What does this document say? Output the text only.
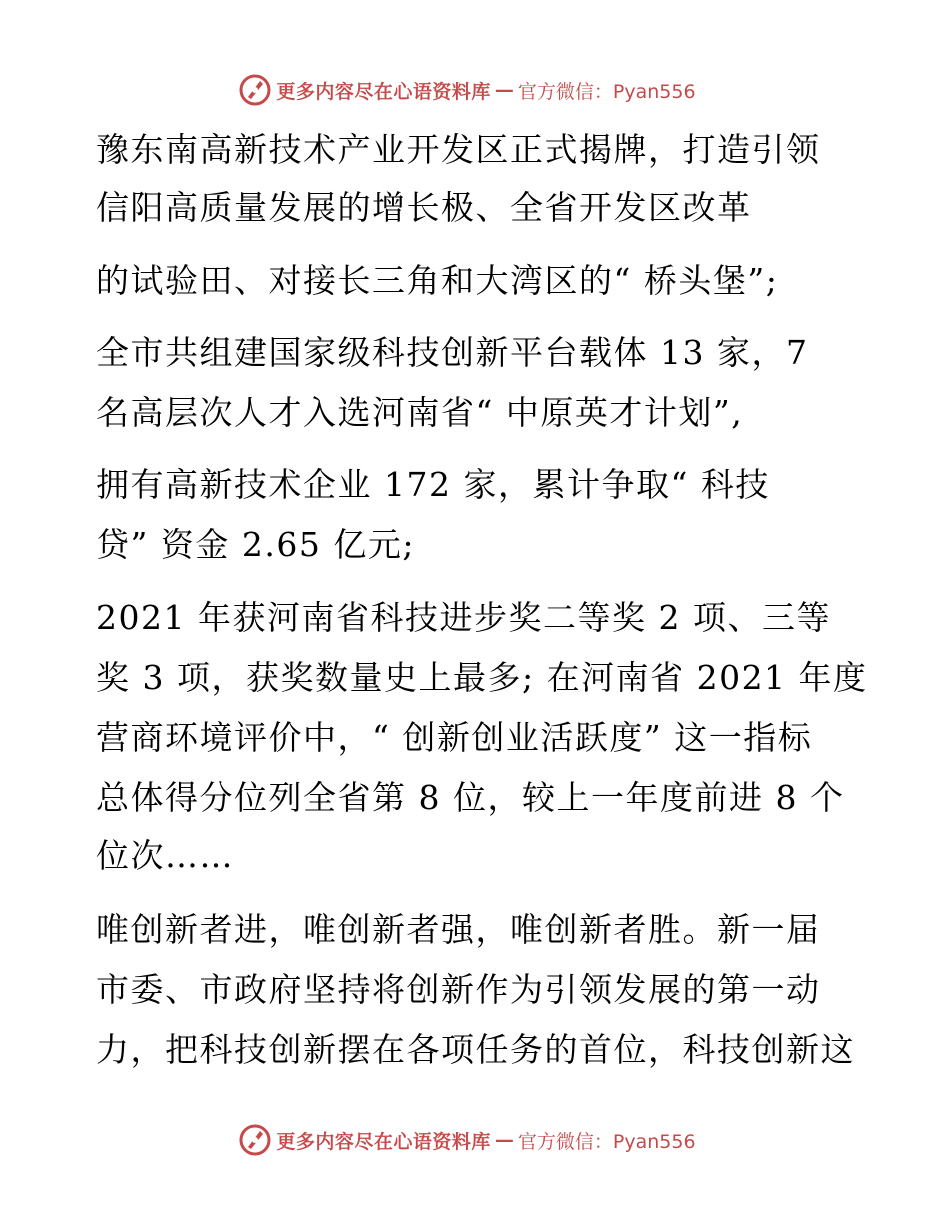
更多内容尽在心语资料库 — 官方微信：Pyan556
豫东南高新技术产业开发区正式揭牌，打造引领
信阳高质量发展的增长极、全省开发区改革
的试验田、对接长三角和大湾区的“ 桥头堡”;
全市共组建国家级科技创新平台载体 13 家，7
名高层次人才入选河南省“ 中原英才计划”,
拥有高新技术企业 172 家，累计争取“ 科技
贷” 资金 2.65 亿元;
2021 年获河南省科技进步奖二等奖 2 项、三等
奖 3 项，获奖数量史上最多; 在河南省 2021 年度
营商环境评价中，“ 创新创业活跃度” 这一指标
总体得分位列全省第 8 位，较上一年度前进 8 个
位次……
唯创新者进，唯创新者强，唯创新者胜。新一届
市委、市政府坚持将创新作为引领发展的第一动
力，把科技创新摆在各项任务的首位，科技创新这
更多内容尽在心语资料库 — 官方微信：Pyan556
